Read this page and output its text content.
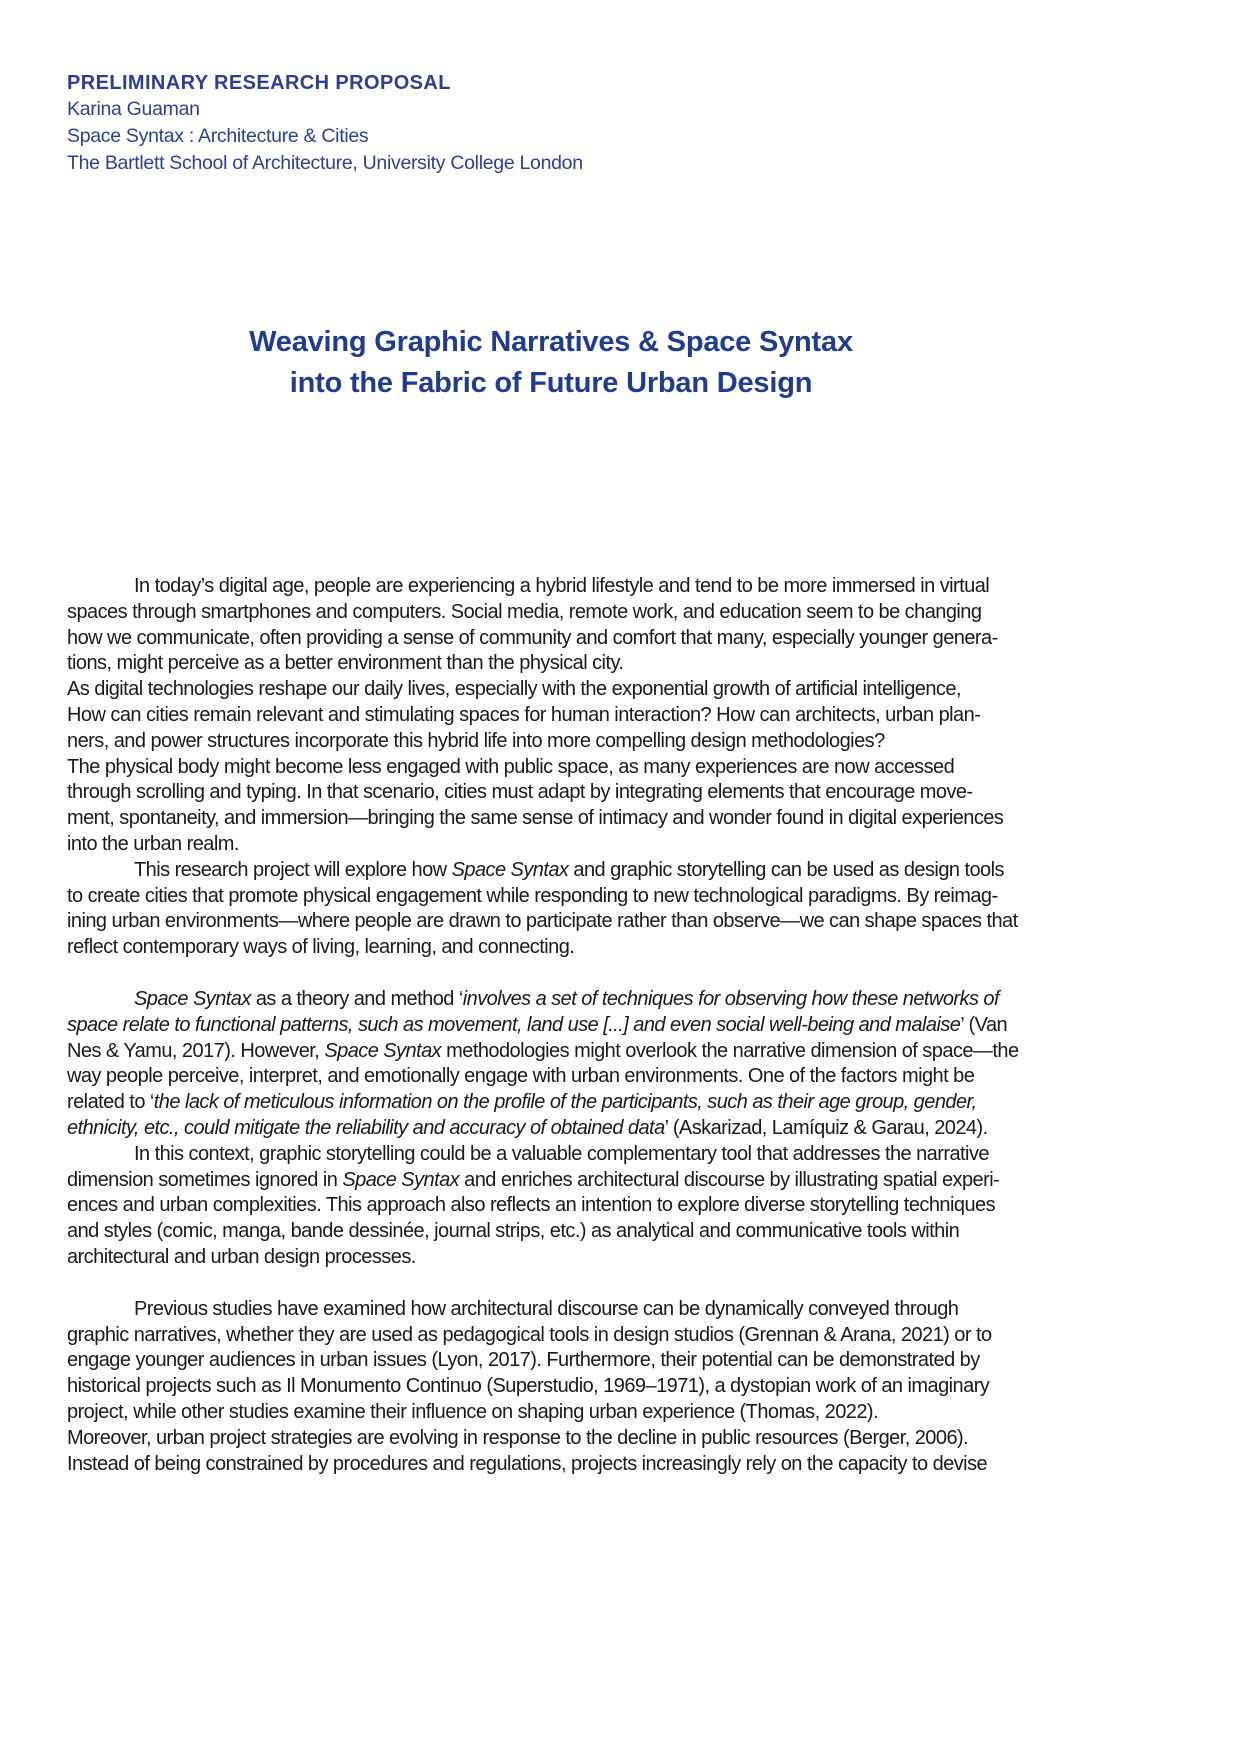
PRELIMINARY RESEARCH PROPOSAL
Karina Guaman
Space Syntax : Architecture & Cities
The Bartlett School of Architecture, University College London
Weaving Graphic Narratives & Space Syntax
into the Fabric of Future Urban Design
In today’s digital age, people are experiencing a hybrid lifestyle and tend to be more immersed in virtual
spaces through smartphones and computers. Social media, remote work, and education seem to be changing
how we communicate, often providing a sense of community and comfort that many, especially younger genera-
tions, might perceive as a better environment than the physical city.
As digital technologies reshape our daily lives, especially with the exponential growth of artificial intelligence,
How can cities remain relevant and stimulating spaces for human interaction? How can architects, urban plan-
ners, and power structures incorporate this hybrid life into more compelling design methodologies?
The physical body might become less engaged with public space, as many experiences are now accessed
through scrolling and typing. In that scenario, cities must adapt by integrating elements that encourage move-
ment, spontaneity, and immersion—bringing the same sense of intimacy and wonder found in digital experiences
into the urban realm.
This research project will explore how Space Syntax and graphic storytelling can be used as design tools
to create cities that promote physical engagement while responding to new technological paradigms. By reimag-
ining urban environments—where people are drawn to participate rather than observe—we can shape spaces that
reflect contemporary ways of living, learning, and connecting.
Space Syntax as a theory and method ‘involves a set of techniques for observing how these networks of
space relate to functional patterns, such as movement, land use [...] and even social well-being and malaise’ (Van
Nes & Yamu, 2017). However, Space Syntax methodologies might overlook the narrative dimension of space—the
way people perceive, interpret, and emotionally engage with urban environments. One of the factors might be
related to ‘the lack of meticulous information on the profile of the participants, such as their age group, gender,
ethnicity, etc., could mitigate the reliability and accuracy of obtained data’ (Askarizad, Lamíquiz & Garau, 2024).
In this context, graphic storytelling could be a valuable complementary tool that addresses the narrative
dimension sometimes ignored in Space Syntax and enriches architectural discourse by illustrating spatial experi-
ences and urban complexities. This approach also reflects an intention to explore diverse storytelling techniques
and styles (comic, manga, bande dessinée, journal strips, etc.) as analytical and communicative tools within
architectural and urban design processes.
Previous studies have examined how architectural discourse can be dynamically conveyed through
graphic narratives, whether they are used as pedagogical tools in design studios (Grennan & Arana, 2021) or to
engage younger audiences in urban issues (Lyon, 2017). Furthermore, their potential can be demonstrated by
historical projects such as Il Monumento Continuo (Superstudio, 1969–1971), a dystopian work of an imaginary
project, while other studies examine their influence on shaping urban experience (Thomas, 2022).
Moreover, urban project strategies are evolving in response to the decline in public resources (Berger, 2006).
Instead of being constrained by procedures and regulations, projects increasingly rely on the capacity to devise
